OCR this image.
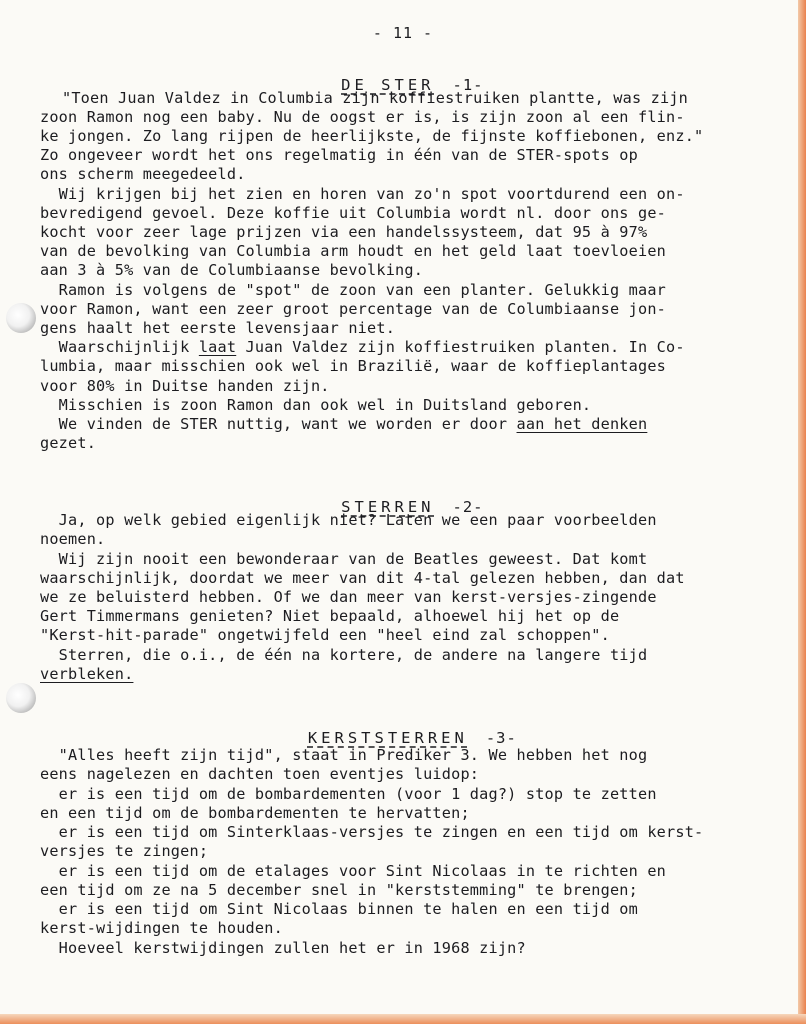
- 11 -

DE STER -1-

"Toen Juan Valdez in Columbia zijn koffiestruiken plantte, was zijn
zoon Ramon nog een baby. Nu de oogst er is, is zijn zoon al een flin-
ke jongen. Zo lang rijpen de heerlijkste, de fijnste koffiebonen, enz."
Zo ongeveer wordt het ons regelmatig in één van de STER-spots op
ons scherm meegedeeld.
Wij krijgen bij het zien en horen van zo'n spot voortdurend een on-
bevredigend gevoel. Deze koffie uit Columbia wordt nl. door ons ge-
kocht voor zeer lage prijzen via een handelssysteem, dat 95 à 97%
van de bevolking van Columbia arm houdt en het geld laat toevloeien
aan 3 à 5% van de Columbiaanse bevolking.
Ramon is volgens de "spot" de zoon van een planter. Gelukkig maar
voor Ramon, want een zeer groot percentage van de Columbiaanse jon-
gens haalt het eerste levensjaar niet.
Waarschijnlijk laat Juan Valdez zijn koffiestruiken planten. In Co-
lumbia, maar misschien ook wel in Braziliё, waar de koffieplantages
voor 80% in Duitse handen zijn.
Misschien is zoon Ramon dan ook wel in Duitsland geboren.
We vinden de STER nuttig, want we worden er door aan het denken
gezet.

STERREN -2-

Ja, op welk gebied eigenlijk niet? Laten we een paar voorbeelden
noemen.
Wij zijn nooit een bewonderaar van de Beatles geweest. Dat komt
waarschijnlijk, doordat we meer van dit 4-tal gelezen hebben, dan dat
we ze beluisterd hebben. Of we dan meer van kerst-versjes-zingende
Gert Timmermans genieten? Niet bepaald, alhoewel hij het op de
"Kerst-hit-parade" ongetwijfeld een "heel eind zal schoppen".
Sterren, die o.i., de één na kortere, de andere na langere tijd
verbleken.

KERSTSTERREN -3-

"Alles heeft zijn tijd", staat in Prediker 3. We hebben het nog
eens nagelezen en dachten toen eventjes luidop:
er is een tijd om de bombardementen (voor 1 dag?) stop te zetten
en een tijd om de bombardementen te hervatten;
er is een tijd om Sinterklaas-versjes te zingen en een tijd om kerst-
versjes te zingen;
er is een tijd om de etalages voor Sint Nicolaas in te richten en
een tijd om ze na 5 december snel in "kerststemming" te brengen;
er is een tijd om Sint Nicolaas binnen te halen en een tijd om
kerst-wijdingen te houden.
Hoeveel kerstwijdingen zullen het er in 1968 zijn?
